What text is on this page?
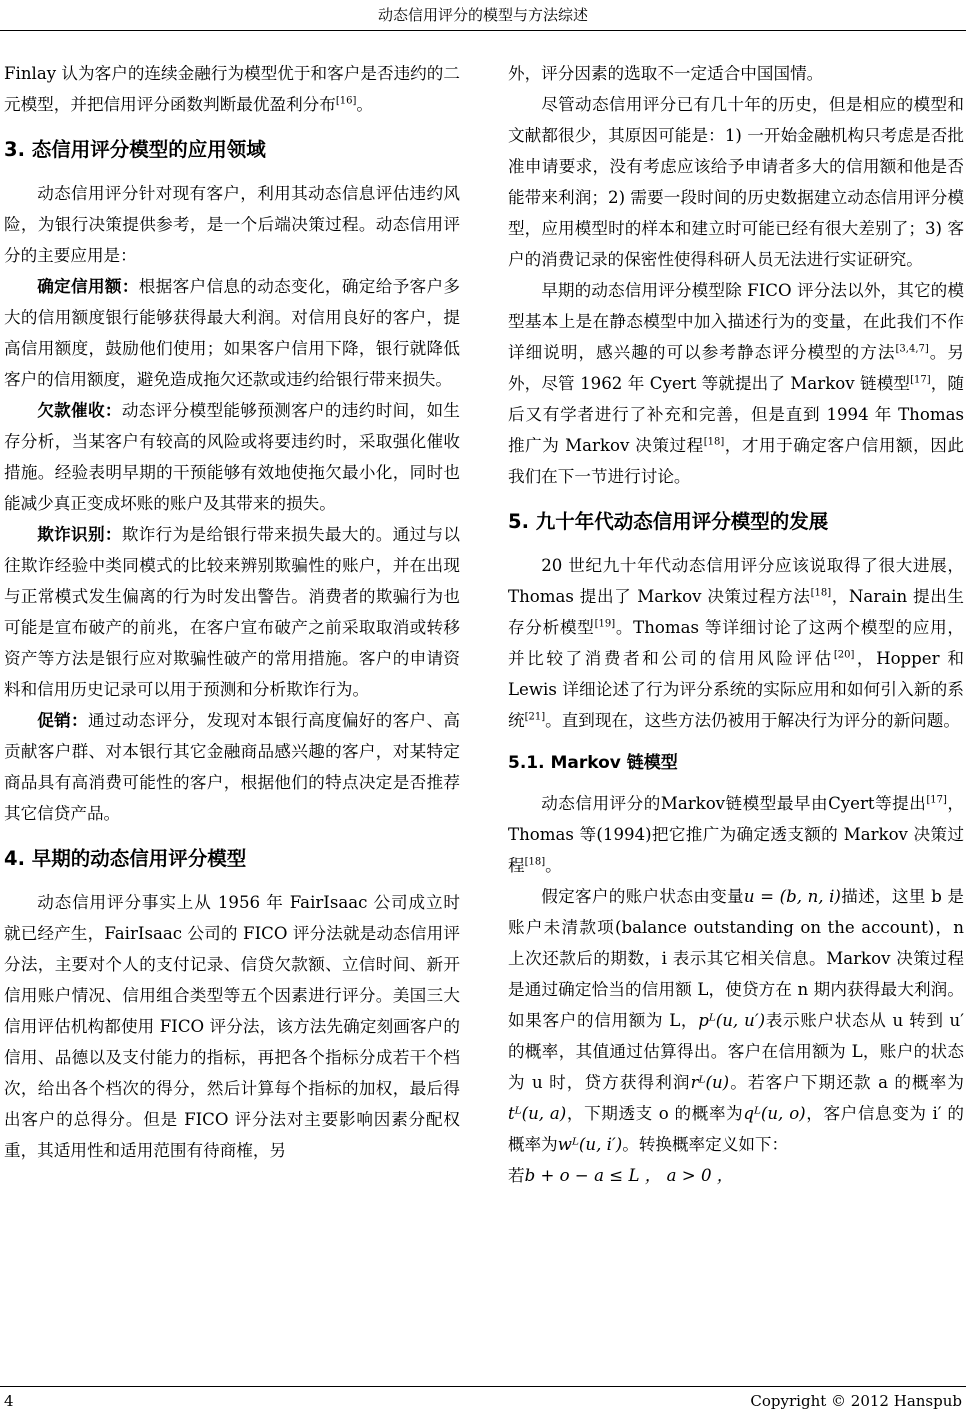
动态信用评分的模型与方法综述

Finlay 认为客户的连续金融行为模型优于和客户是否违约的二元模型，并把信用评分函数判断最优盈利分布[16]。

3. 态信用评分模型的应用领域

动态信用评分针对现有客户，利用其动态信息评估违约风险，为银行决策提供参考，是一个后端决策过程。动态信用评分的主要应用是：

确定信用额：根据客户信息的动态变化，确定给予客户多大的信用额度银行能够获得最大利润。对信用良好的客户，提高信用额度，鼓励他们使用；如果客户信用下降，银行就降低客户的信用额度，避免造成拖欠还款或违约给银行带来损失。

欠款催收：动态评分模型能够预测客户的违约时间，如生存分析，当某客户有较高的风险或将要违约时，采取强化催收措施。经验表明早期的干预能够有效地使拖欠最小化，同时也能减少真正变成坏账的账户及其带来的损失。

欺诈识别：欺诈行为是给银行带来损失最大的。通过与以往欺诈经验中类同模式的比较来辨别欺骗性的账户，并在出现与正常模式发生偏离的行为时发出警告。消费者的欺骗行为也可能是宣布破产的前兆，在客户宣布破产之前采取取消或转移资产等方法是银行应对欺骗性破产的常用措施。客户的申请资料和信用历史记录可以用于预测和分析欺诈行为。

促销：通过动态评分，发现对本银行高度偏好的客户、高贡献客户群、对本银行其它金融商品感兴趣的客户，对某特定商品具有高消费可能性的客户，根据他们的特点决定是否推荐其它信贷产品。

4. 早期的动态信用评分模型

动态信用评分事实上从 1956 年 FairIsaac 公司成立时就已经产生，FairIsaac 公司的 FICO 评分法就是动态信用评分法，主要对个人的支付记录、信贷欠款额、立信时间、新开信用账户情况、信用组合类型等五个因素进行评分。美国三大信用评估机构都使用 FICO 评分法，该方法先确定刻画客户的信用、品德以及支付能力的指标，再把各个指标分成若干个档次，给出各个档次的得分，然后计算每个指标的加权，最后得出客户的总得分。但是 FICO 评分法对主要影响因素分配权重，其适用性和适用范围有待商榷，另

外，评分因素的选取不一定适合中国国情。

尽管动态信用评分已有几十年的历史，但是相应的模型和文献都很少，其原因可能是：1) 一开始金融机构只考虑是否批准申请要求，没有考虑应该给予申请者多大的信用额和他是否能带来利润；2) 需要一段时间的历史数据建立动态信用评分模型，应用模型时的样本和建立时可能已经有很大差别了；3) 客户的消费记录的保密性使得科研人员无法进行实证研究。

早期的动态信用评分模型除 FICO 评分法以外，其它的模型基本上是在静态模型中加入描述行为的变量，在此我们不作详细说明，感兴趣的可以参考静态评分模型的方法[3,4,7]。另外，尽管 1962 年 Cyert 等就提出了 Markov 链模型[17]，随后又有学者进行了补充和完善，但是直到 1994 年 Thomas 推广为 Markov 决策过程[18]，才用于确定客户信用额，因此我们在下一节进行讨论。

5. 九十年代动态信用评分模型的发展

20 世纪九十年代动态信用评分应该说取得了很大进展，Thomas 提出了 Markov 决策过程方法[18]，Narain 提出生存分析模型[19]。Thomas 等详细讨论了这两个模型的应用，并比较了消费者和公司的信用风险评估[20]，Hopper 和 Lewis 详细论述了行为评分系统的实际应用和如何引入新的系统[21]。直到现在，这些方法仍被用于解决行为评分的新问题。

5.1. Markov 链模型

动态信用评分的Markov链模型最早由Cyert等提出[17]，Thomas 等(1994)把它推广为确定透支额的 Markov 决策过程[18]。

假定客户的账户状态由变量u = (b, n, i)描述，这里 b 是账户未清款项(balance outstanding on the account)，n 上次还款后的期数，i 表示其它相关信息。Markov 决策过程是通过确定恰当的信用额 L，使贷方在 n 期内获得最大利润。如果客户的信用额为 L，pᴸ(u, u′)表示账户状态从 u 转到 u′ 的概率，其值通过估算得出。客户在信用额为 L，账户的状态为 u 时，贷方获得利润rᴸ(u)。若客户下期还款 a 的概率为tᴸ(u, a)，下期透支 o 的概率为qᴸ(u, o)，客户信息变为 i′ 的概率为wᴸ(u, i′)。转换概率定义如下：

若b + o − a ≤ L ， a > 0 ，

4	Copyright © 2012 Hanspub
